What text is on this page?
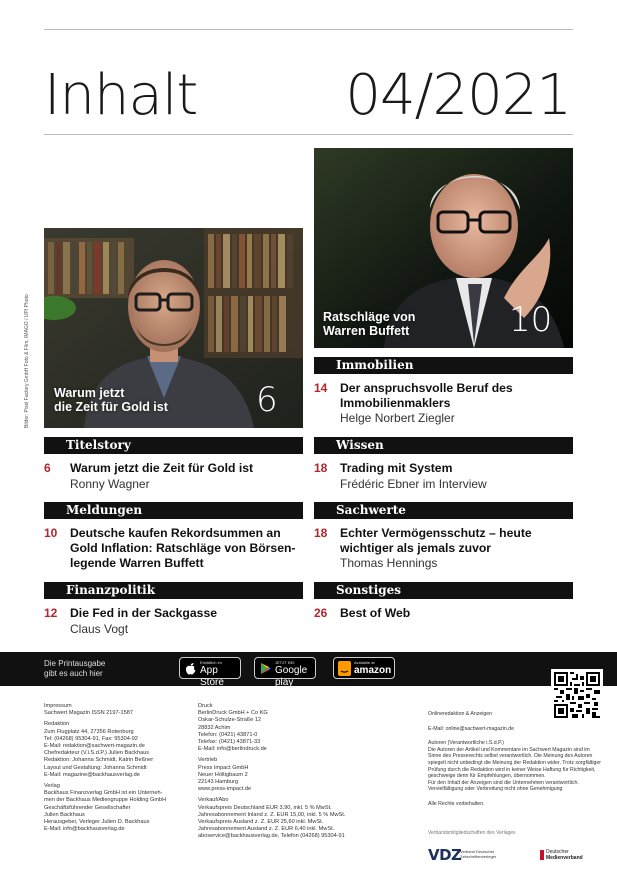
Inhalt	04/2021
Bilder: Pixel Factory GmbH Foto & Film, IMAGO / UPI Photo Warum jetzt
die Zeit für Gold ist	6
Ratschläge von
Warren Buffett	10
Titelstory
6 Warum jetzt die Zeit für Gold ist
Ronny Wagner
Meldungen
10 Deutsche kaufen Rekordsummen an Gold Inflation: Ratschläge von Börsen-legende Warren Buffett
Finanzpolitik
12 Die Fed in der Sackgasse
Claus Vogt
Immobilien
14 Der anspruchsvolle Beruf des Immobilienmaklers
Helge Norbert Ziegler
Wissen
18 Trading mit System
Frédéric Ebner im Interview
Sachwerte
18 Echter Vermögensschutz – heute wichtiger als jemals zuvor
Thomas Hennings
Sonstiges
26 Best of Web
Die Printausgabe
gibt es auch hier
Erhältlich im
App Store
JETZT BEI
Google play
Available at
amazon
Impressum
Sachwert Magazin ISSN 2197-1587
Redaktion
Zum Flugplatz 44, 27356 Rotenburg
Tel: (04268) 95304-91, Fax: 95304-92
E-Mail: redaktion@sachwert-magazin.de
Chefredakteur (V.i.S.d.P.) Julien Backhaus
Redaktion: Johanna Schmidt, Katrin Beßner
Layout und Gestaltung: Johanna Schmidt
E-Mail: magazine@backhausverlag.de
Verlag
Backhaus Finanzverlag GmbH ist ein Unterneh-
men der Backhaus Mediengruppe Holding GmbH
Geschäftsführender Gesellschafter
Julien Backhaus
Herausgeber, Verleger Julien D. Backhaus
E-Mail: info@backhausverlag.de
Druck
BerlinDruck GmbH + Co KG
Oskar-Schulze-Straße 12
28832 Achim
Telefon: (0421) 43871-0
Telefax: (0421) 43871-33
E-Mail: info@berlindruck.de
Vertrieb
Press Impact GmbH
Neuer Höltigbaum 2
22143 Hamburg
www.press-impact.de
Verkauf/Abo
Verkaufspreis Deutschland EUR 3,90, inkl. 5 % MwSt.
Jahresabonnement Inland z. Z. EUR 15,00, inkl. 5 % MwSt.
Verkaufspreis Ausland z. Z. EUR 25,60 inkl. MwSt.
Jahresabonnement Ausland z. Z. EUR 6,40 inkl. MwSt.
aboservice@backhausverlag.de, Telefon (04268) 95304-91
Onlineredaktion & Anzeigen
E-Mail: online@sachwert-magazin.de
Autoren (Verantwortliche i.S.d.P.)
Die Autoren der Artikel und Kommentare im Sachwert Magazin sind im
Sinne des Presserechts selbst verantwortlich. Die Meinung des Autoren
spiegelt nicht unbedingt die Meinung der Redaktion wider. Trotz sorgfältiger
Prüfung durch die Redaktion wird in keiner Weise Haftung für Richtigkeit,
geschweige denn für Empfehlungen, übernommen.
Für den Inhalt der Anzeigen sind die Unternehmen verantwortlich.
Vervielfältigung oder Verbreitung nicht ohne Genehmigung
Alle Rechte vorbehalten.
Verbandsmitgliedschaften des Verlages
VDZ
Verband Deutscher
Zeitschriftenverleger
Deutscher
Medienverband
